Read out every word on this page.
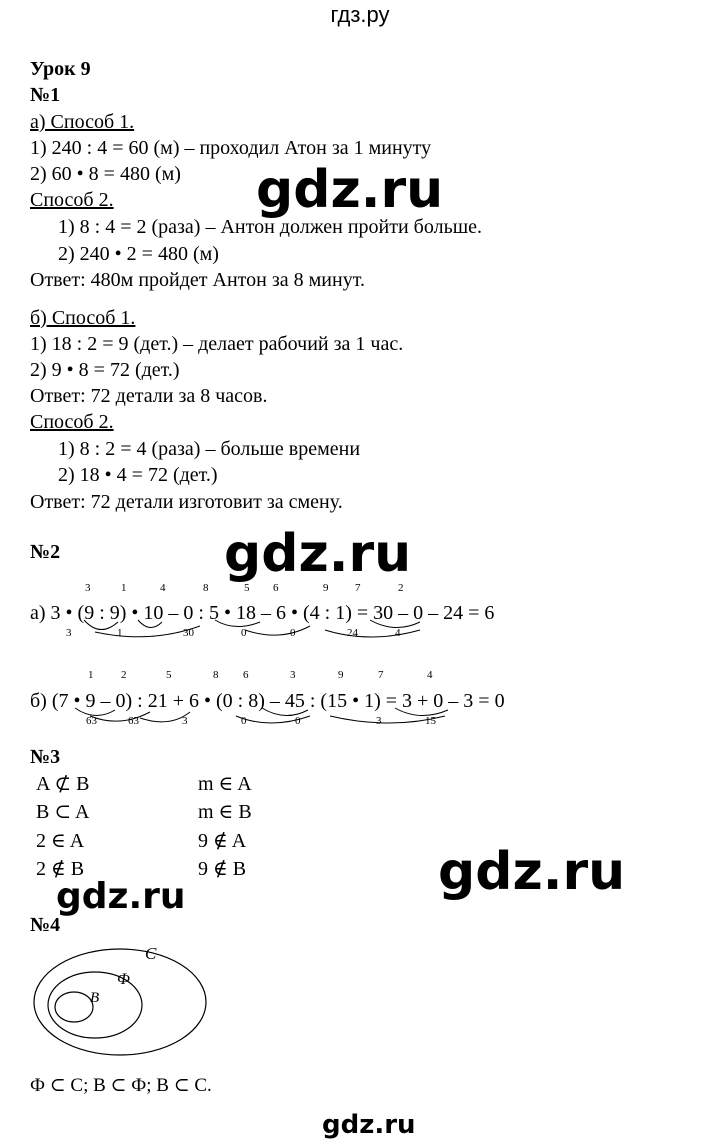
гдз.ру
gdz.ru
gdz.ru
gdz.ru
gdz.ru
gdz.ru
Урок 9
№1
а) Способ 1.
1) 240 : 4 = 60 (м) – проходил Атон за 1 минуту
2) 60 • 8 = 480 (м)
Способ 2.
1) 8 : 4 = 2 (раза) – Антон должен пройти больше.
2) 240 • 2 = 480 (м)
Ответ: 480м пройдет Антон за 8 минут.
б) Способ 1.
1) 18 : 2 = 9 (дет.) – делает рабочий за 1 час.
2) 9 • 8 = 72 (дет.)
Ответ: 72 детали за 8 часов.
Способ 2.
1) 8 : 2 = 4 (раза) – больше времени
2) 18 • 4 = 72 (дет.)
Ответ: 72 детали изготовит за смену.
№2
3	1	4	8	5 6	9 7	2
а) 3 • (9 : 9) • 10 – 0 : 5 • 18 – 6 • (4 : 1) = 30 – 0 – 24 = 6
3	1	30	0	0	24	4
1	2	5	8 6	3	9	7	4
б) (7 • 9 – 0) : 21 + 6 • (0 : 8) – 45 : (15 • 1) = 3 + 0 – 3 = 0
63	63	3	0	0	3	15
№3
A ⊄ B	m ∈ A
B ⊂ A	m ∈ B
2 ∈ A	9 ∉ A
2 ∉ B	9 ∉ B
№4
C
Ф
B
Ф ⊂ C; B ⊂ Ф; B ⊂ C.
